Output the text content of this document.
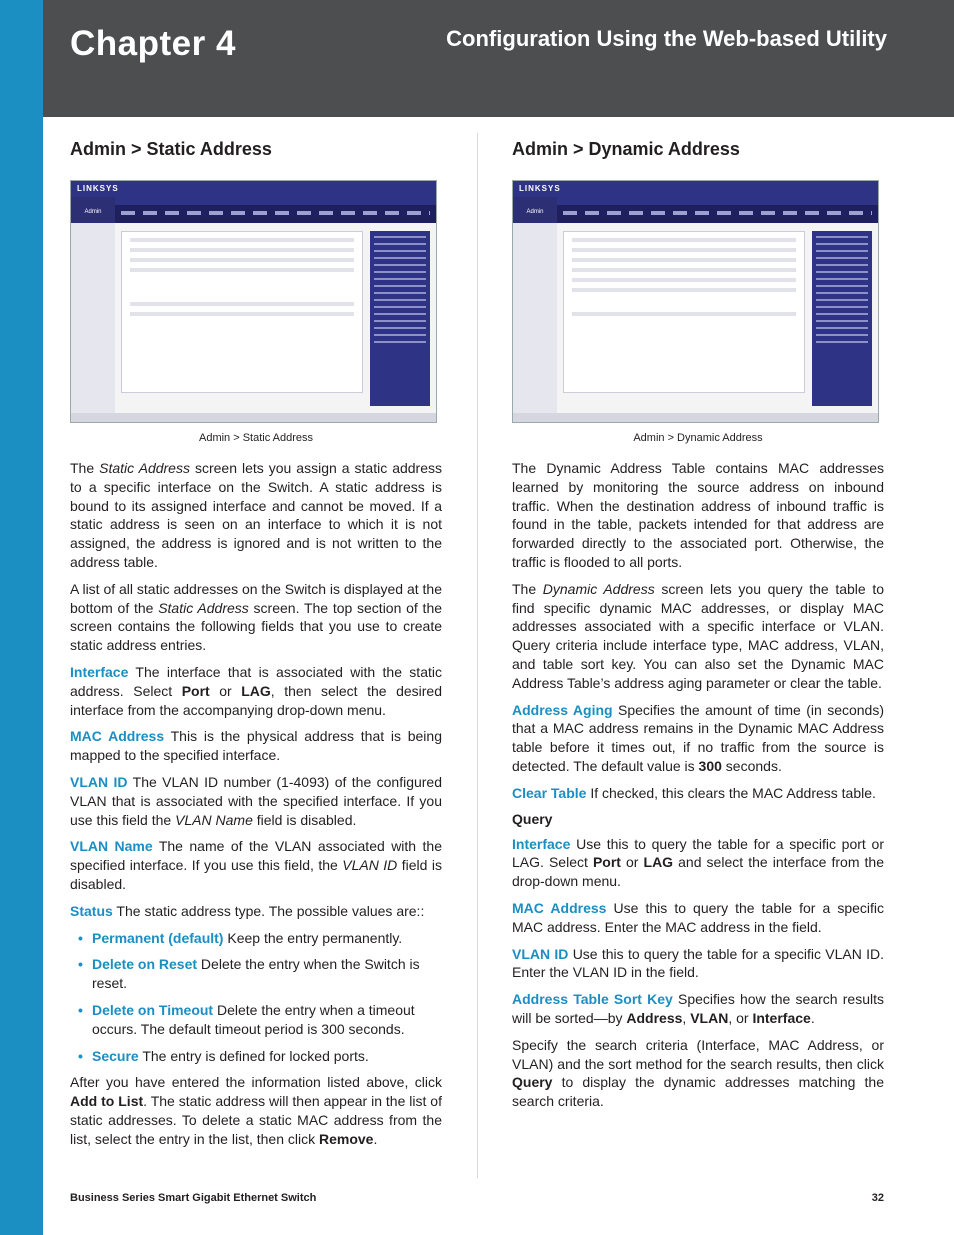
Chapter 4	Configuration Using the Web-based Utility
Admin > Static Address
LINKSYS
Admin
Admin > Static Address

The Static Address screen lets you assign a static address to a specific interface on the Switch. A static address is bound to its assigned interface and cannot be moved. If a static address is seen on an interface to which it is not assigned, the address is ignored and is not written to the address table.

A list of all static addresses on the Switch is displayed at the bottom of the Static Address screen. The top section of the screen contains the following fields that you use to create static address entries.

Interface The interface that is associated with the static address. Select Port or LAG, then select the desired interface from the accompanying drop-down menu.

MAC Address This is the physical address that is being mapped to the specified interface.

VLAN ID The VLAN ID number (1-4093) of the configured VLAN that is associated with the specified interface. If you use this field the VLAN Name field is disabled.

VLAN Name The name of the VLAN associated with the specified interface. If you use this field, the VLAN ID field is disabled.

Status The static address type. The possible values are::

• Permanent (default) Keep the entry permanently.
• Delete on Reset Delete the entry when the Switch is reset.
• Delete on Timeout Delete the entry when a timeout occurs. The default timeout period is 300 seconds.
• Secure The entry is defined for locked ports.

After you have entered the information listed above, click Add to List. The static address will then appear in the list of static addresses. To delete a static MAC address from the list, select the entry in the list, then click Remove.

Admin > Dynamic Address
LINKSYS
Admin
Admin > Dynamic Address

The Dynamic Address Table contains MAC addresses learned by monitoring the source address on inbound traffic. When the destination address of inbound traffic is found in the table, packets intended for that address are forwarded directly to the associated port. Otherwise, the traffic is flooded to all ports.

The Dynamic Address screen lets you query the table to find specific dynamic MAC addresses, or display MAC addresses associated with a specific interface or VLAN. Query criteria include interface type, MAC address, VLAN, and table sort key. You can also set the Dynamic MAC Address Table’s address aging parameter or clear the table.

Address Aging Specifies the amount of time (in seconds) that a MAC address remains in the Dynamic MAC Address table before it times out, if no traffic from the source is detected. The default value is 300 seconds.

Clear Table If checked, this clears the MAC Address table.

Query

Interface Use this to query the table for a specific port or LAG. Select Port or LAG and select the interface from the drop-down menu.

MAC Address Use this to query the table for a specific MAC address. Enter the MAC address in the field.

VLAN ID Use this to query the table for a specific VLAN ID. Enter the VLAN ID in the field.

Address Table Sort Key Specifies how the search results will be sorted—by Address, VLAN, or Interface.

Specify the search criteria (Interface, MAC Address, or VLAN) and the sort method for the search results, then click Query to display the dynamic addresses matching the search criteria.

Business Series Smart Gigabit Ethernet Switch	32
